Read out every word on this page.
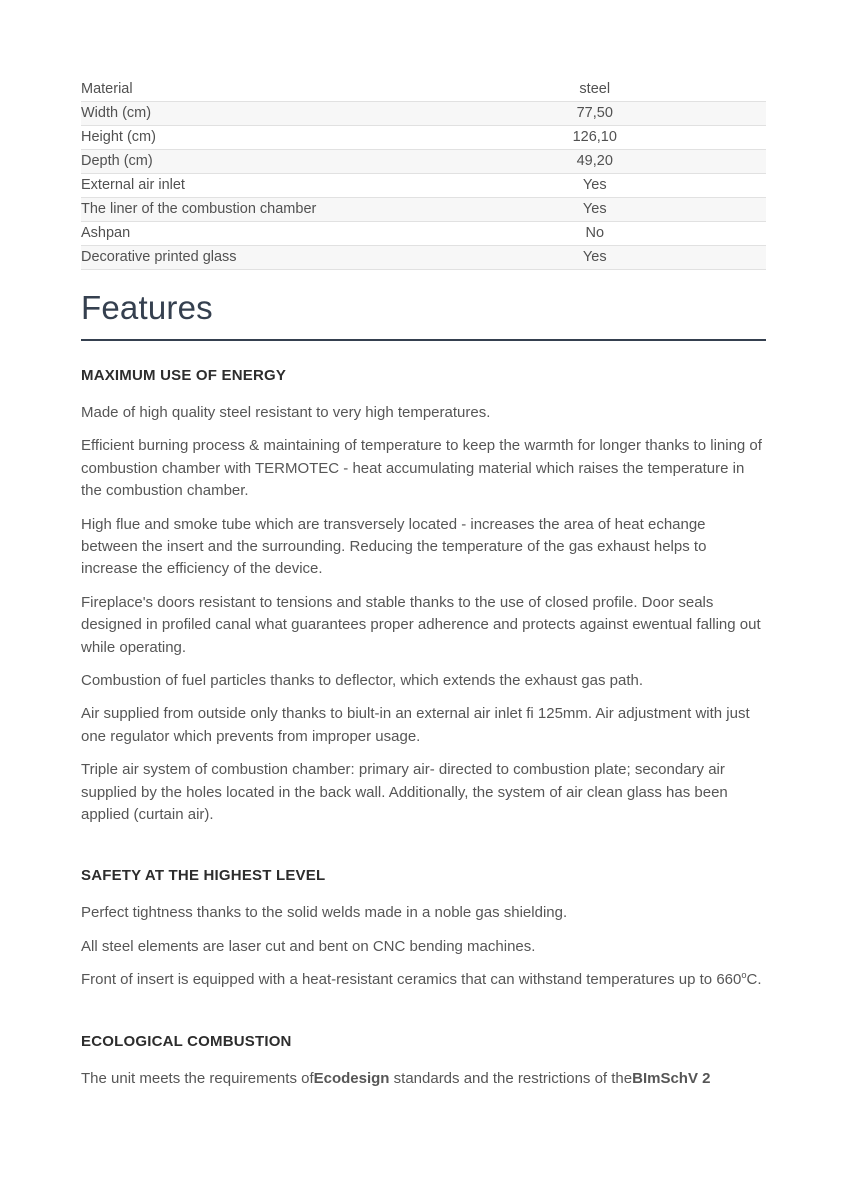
Material	steel
Width (cm)	77,50
Height (cm)	126,10
Depth (cm)	49,20
External air inlet	Yes
The liner of the combustion chamber	Yes
Ashpan	No
Decorative printed glass	Yes
Features
MAXIMUM USE OF ENERGY

Made of high quality steel resistant to very high temperatures.

Efficient burning process & maintaining of temperature to keep the warmth for longer thanks to lining of combustion chamber with TERMOTEC - heat accumulating material which raises the temperature in the combustion chamber.

High flue and smoke tube which are transversely located - increases the area of heat echange between the insert and the surrounding. Reducing the temperature of the gas exhaust helps to increase the efficiency of the device.

Fireplace's doors resistant to tensions and stable thanks to the use of closed profile. Door seals designed in profiled canal what guarantees proper adherence and protects against ewentual falling out while operating.

Combustion of fuel particles thanks to deflector, which extends the exhaust gas path.

Air supplied from outside only thanks to biult-in an external air inlet fi 125mm. Air adjustment with just one regulator which prevents from improper usage.

Triple air system of combustion chamber: primary air- directed to combustion plate; secondary air supplied by the holes located in the back wall. Additionally, the system of air clean glass has been applied (curtain air).

SAFETY AT THE HIGHEST LEVEL

Perfect tightness thanks to the solid welds made in a noble gas shielding.

All steel elements are laser cut and bent on CNC bending machines.

Front of insert is equipped with a heat-resistant ceramics that can withstand temperatures up to 660$^o$C.

ECOLOGICAL COMBUSTION

The unit meets the requirements ofEcodesign standards and the restrictions of theBImSchV 2
